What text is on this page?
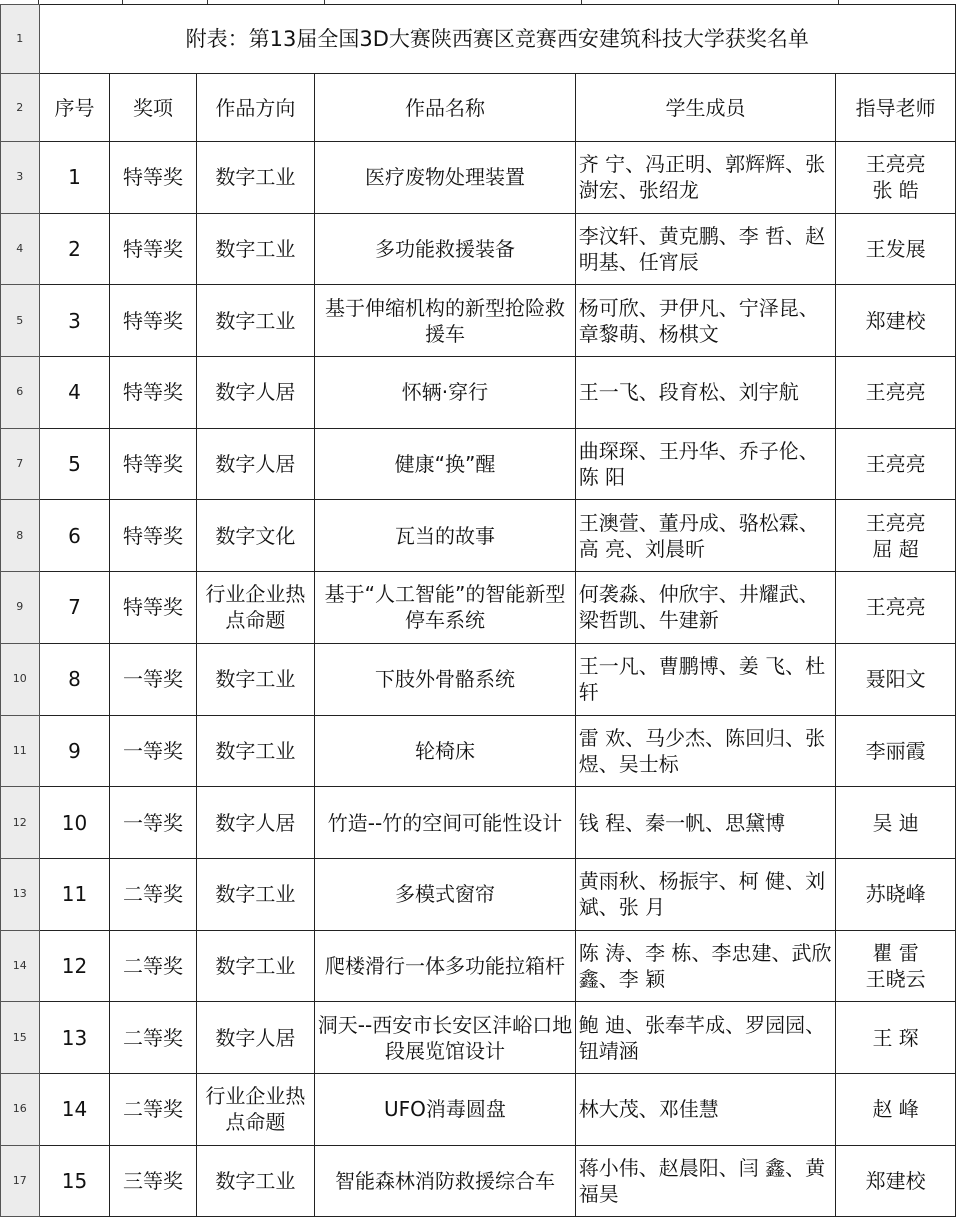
1	附表：第13届全国3D大赛陕西赛区竞赛西安建筑科技大学获奖名单					
2	序号	奖项	作品方向	作品名称	学生成员	指导老师
3	1	特等奖	数字工业	医疗废物处理装置	齐 宁、冯正明、郭辉辉、张澍宏、张绍龙	王亮亮
张 皓
4	2	特等奖	数字工业	多功能救援装备	李汶轩、黄克鹏、李 哲、赵明基、任宵辰	王发展
5	3	特等奖	数字工业	基于伸缩机构的新型抢险救援车	杨可欣、尹伊凡、宁泽昆、章黎萌、杨棋文	郑建校
6	4	特等奖	数字人居	怀辆·穿行	王一飞、段育松、刘宇航	王亮亮
7	5	特等奖	数字人居	健康“换”醒	曲琛琛、王丹华、乔子伦、陈 阳	王亮亮
8	6	特等奖	数字文化	瓦当的故事	王澳萱、董丹成、骆松霖、高 亮、刘晨昕	王亮亮
屈 超
9	7	特等奖	行业企业热点命题	基于“人工智能”的智能新型停车系统	何袭淼、仲欣宇、井耀武、梁哲凯、牛建新	王亮亮
10	8	一等奖	数字工业	下肢外骨骼系统	王一凡、曹鹏博、姜 飞、杜 轩	聂阳文
11	9	一等奖	数字工业	轮椅床	雷 欢、马少杰、陈回归、张 煜、吴士标	李丽霞
12	10	一等奖	数字人居	竹造--竹的空间可能性设计	钱 程、秦一帆、思黛博	吴 迪
13	11	二等奖	数字工业	多模式窗帘	黄雨秋、杨振宇、柯 健、刘 斌、张 月	苏晓峰
14	12	二等奖	数字工业	爬楼滑行一体多功能拉箱杆	陈 涛、李 栋、李忠建、武欣鑫、李 颖	瞿 雷
王晓云
15	13	二等奖	数字人居	洞天--西安市长安区沣峪口地段展览馆设计	鲍 迪、张奉芊成、罗园园、钮靖涵	王 琛
16	14	二等奖	行业企业热点命题	UFO消毒圆盘	林大茂、邓佳慧	赵 峰
17	15	三等奖	数字工业	智能森林消防救援综合车	蒋小伟、赵晨阳、闫 鑫、黄福昊	郑建校
